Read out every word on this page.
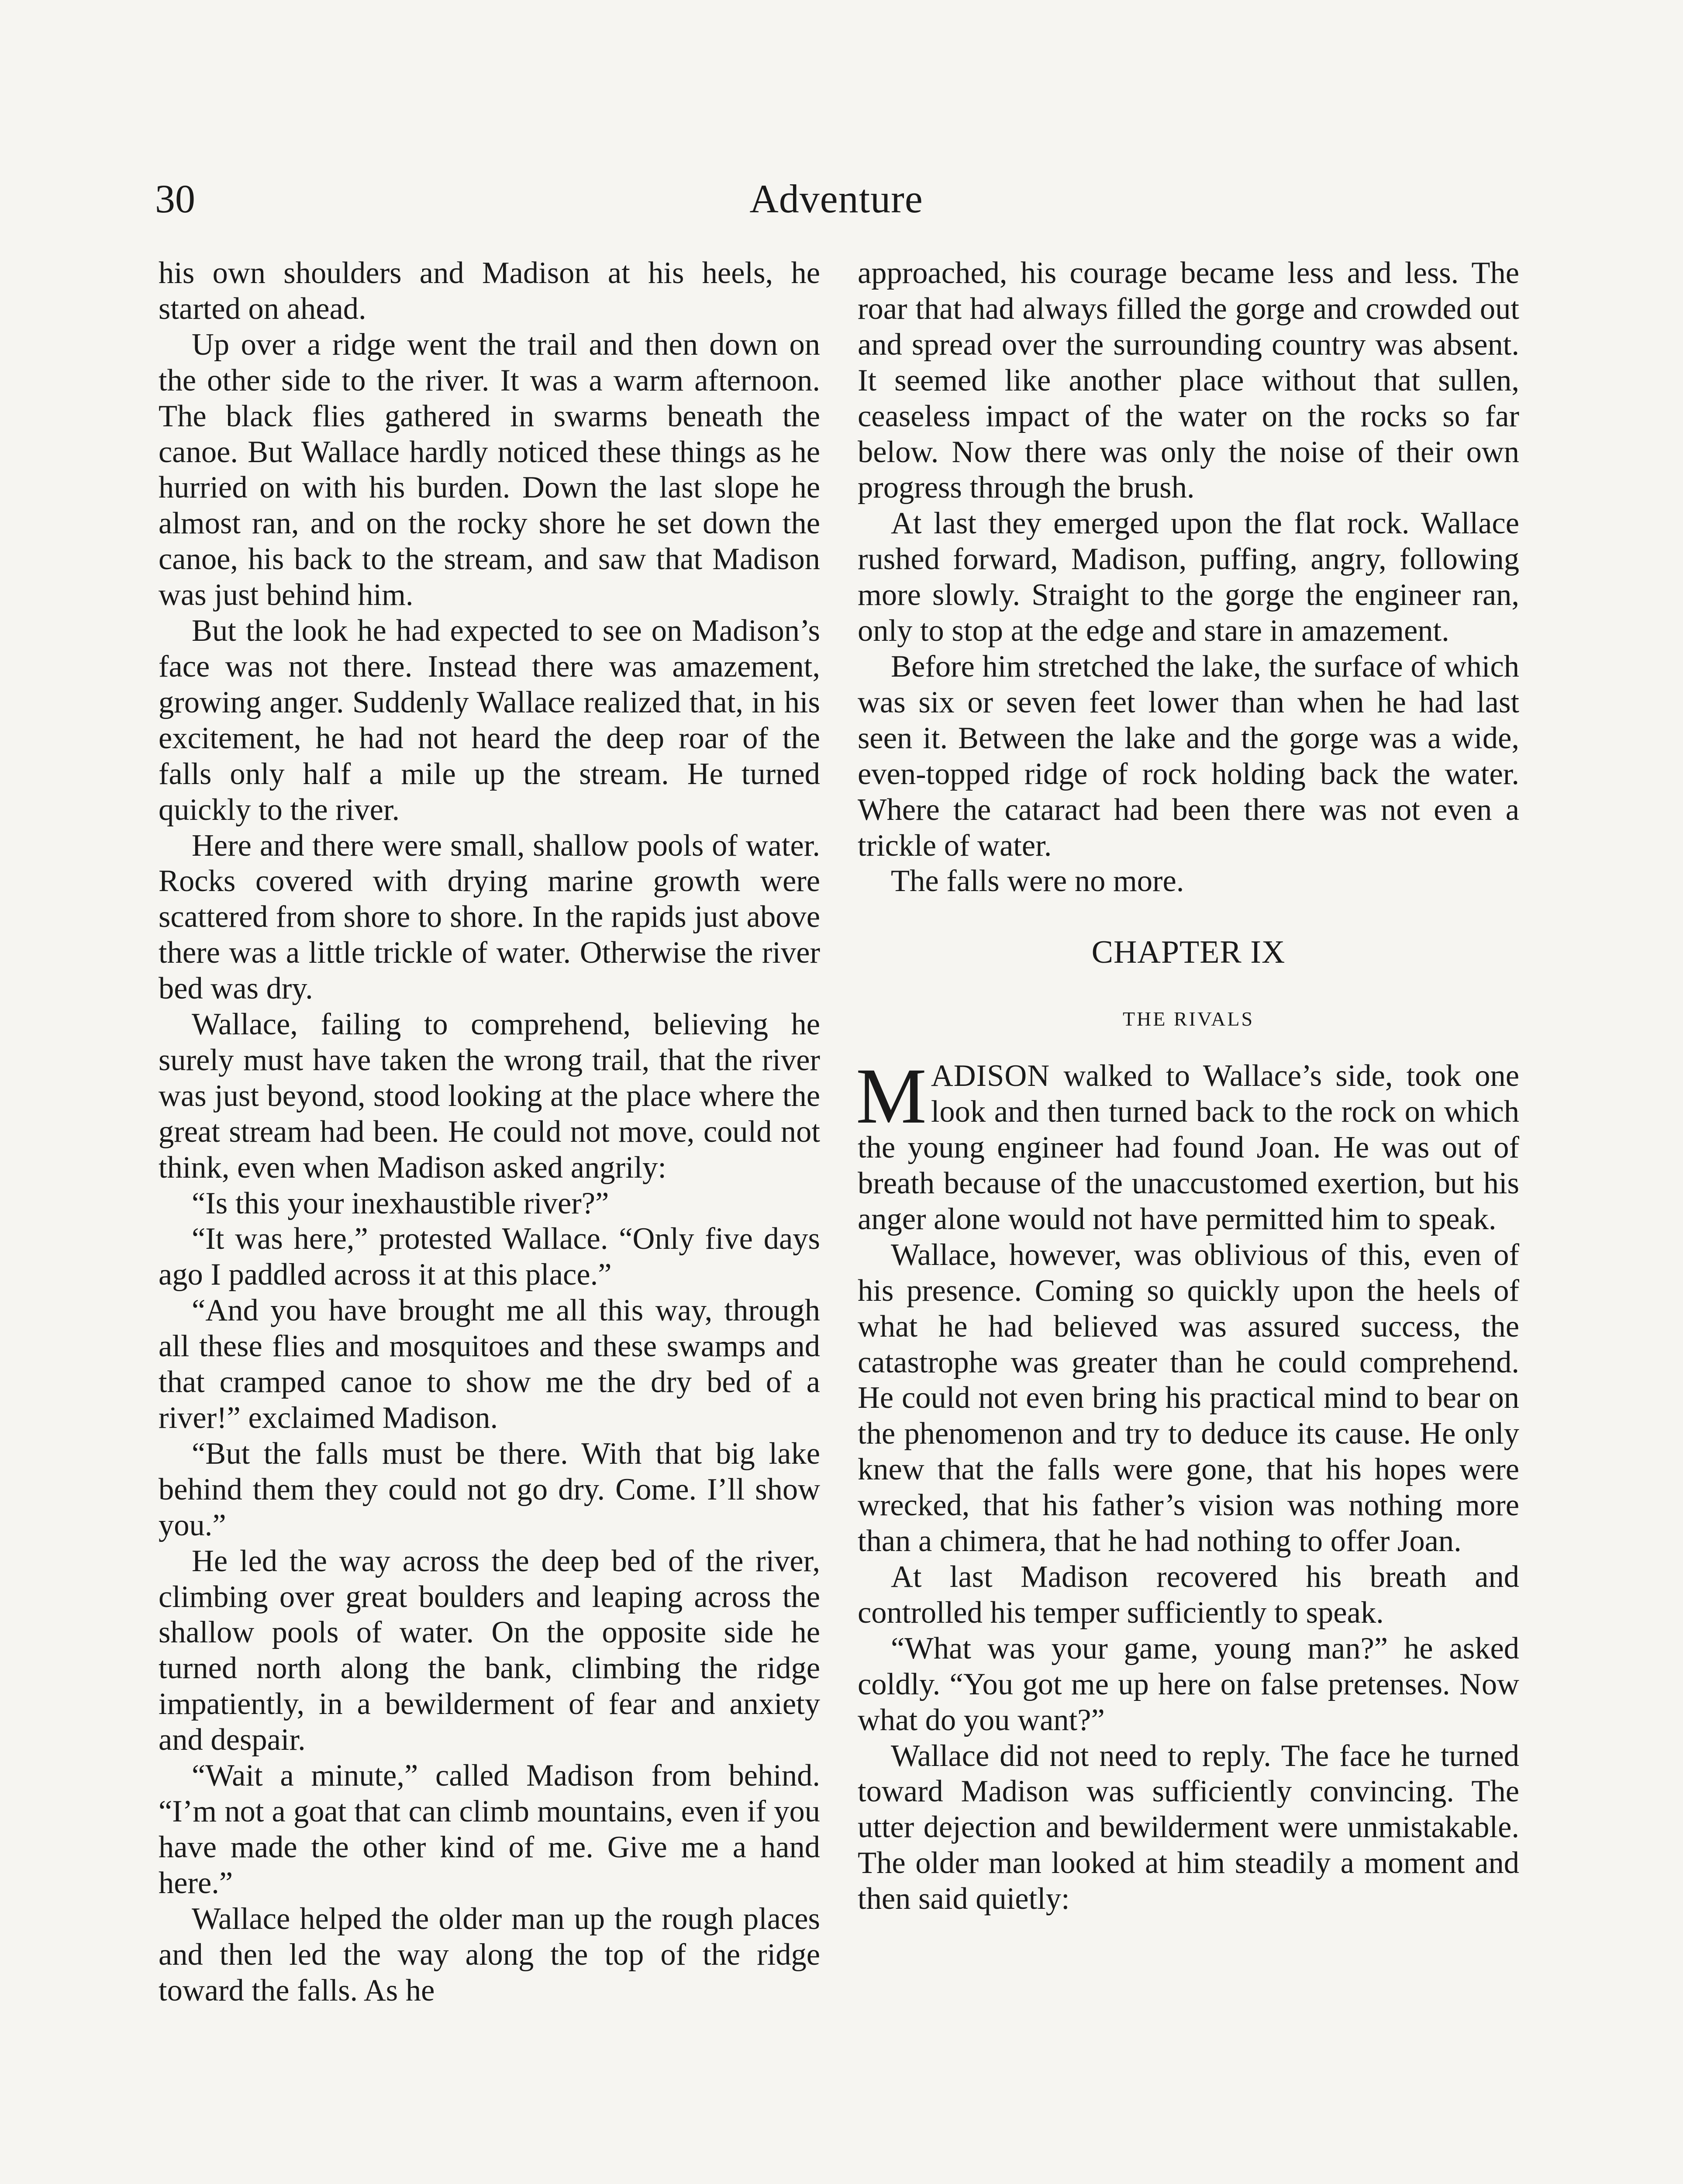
30	Adventure

his own shoulders and Madison at his heels, he started on ahead.

Up over a ridge went the trail and then down on the other side to the river. It was a warm afternoon. The black flies gathered in swarms beneath the canoe. But Wallace hardly noticed these things as he hurried on with his burden. Down the last slope he almost ran, and on the rocky shore he set down the canoe, his back to the stream, and saw that Madison was just behind him.

But the look he had expected to see on Madison’s face was not there. Instead there was amazement, growing anger. Suddenly Wallace realized that, in his excitement, he had not heard the deep roar of the falls only half a mile up the stream. He turned quickly to the river.

Here and there were small, shallow pools of water. Rocks covered with drying marine growth were scattered from shore to shore. In the rapids just above there was a little trickle of water. Otherwise the river bed was dry.

Wallace, failing to comprehend, believing he surely must have taken the wrong trail, that the river was just beyond, stood looking at the place where the great stream had been. He could not move, could not think, even when Madison asked angrily:

“Is this your inexhaustible river?”

“It was here,” protested Wallace. “Only five days ago I paddled across it at this place.”

“And you have brought me all this way, through all these flies and mosquitoes and these swamps and that cramped canoe to show me the dry bed of a river!” exclaimed Madison.

“But the falls must be there. With that big lake behind them they could not go dry. Come. I’ll show you.”

He led the way across the deep bed of the river, climbing over great boulders and leaping across the shallow pools of water. On the opposite side he turned north along the bank, climbing the ridge impatiently, in a bewilderment of fear and anxiety and despair.

“Wait a minute,” called Madison from behind. “I’m not a goat that can climb mountains, even if you have made the other kind of me. Give me a hand here.”

Wallace helped the older man up the rough places and then led the way along the top of the ridge toward the falls. As he

approached, his courage became less and less. The roar that had always filled the gorge and crowded out and spread over the surrounding country was absent. It seemed like another place without that sullen, ceaseless impact of the water on the rocks so far below. Now there was only the noise of their own progress through the brush.

At last they emerged upon the flat rock. Wallace rushed forward, Madison, puffing, angry, following more slowly. Straight to the gorge the engineer ran, only to stop at the edge and stare in amazement.

Before him stretched the lake, the surface of which was six or seven feet lower than when he had last seen it. Between the lake and the gorge was a wide, even-topped ridge of rock holding back the water. Where the cataract had been there was not even a trickle of water.

The falls were no more.

CHAPTER IX
THE RIVALS

MADISON walked to Wallace’s side, took one look and then turned back to the rock on which the young engineer had found Joan. He was out of breath because of the unaccustomed exertion, but his anger alone would not have permitted him to speak.

Wallace, however, was oblivious of this, even of his presence. Coming so quickly upon the heels of what he had believed was assured success, the catastrophe was greater than he could comprehend. He could not even bring his practical mind to bear on the phenomenon and try to deduce its cause. He only knew that the falls were gone, that his hopes were wrecked, that his father’s vision was nothing more than a chimera, that he had nothing to offer Joan.

At last Madison recovered his breath and controlled his temper sufficiently to speak.

“What was your game, young man?” he asked coldly. “You got me up here on false pretenses. Now what do you want?”

Wallace did not need to reply. The face he turned toward Madison was sufficiently convincing. The utter dejection and bewilderment were unmistakable. The older man looked at him steadily a moment and then said quietly:
